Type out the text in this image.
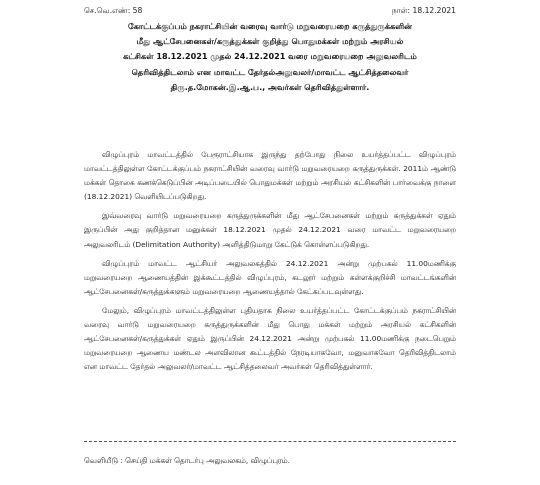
செ.வெ.எண்: 58	நாள்: 18.12.2021
கோட்டக்குப்பம் நகராட்சியின் வரைவு வார்டு மறுவரையறை கருத்துருக்களின்
மீது ஆட்சேபனைகள்/கருத்துக்கள் குறித்து பொதுமக்கள் மற்றும் அரசியல்
கட்சிகள் 18.12.2021 முதல் 24.12.2021 வரை மறுவரையறை அலுவலரிடம்
தெரிவித்திடலாம் என மாவட்ட தேர்தல்அலுவலர்/மாவட்ட ஆட்சித்தலைவர்
திரு.த.மோகன்.இ.ஆ.ப., அவர்கள் தெரிவித்துள்ளார்.

விழுப்புரம் மாவட்டத்தில் பேரூராட்சியாக இருந்து தற்போது நிலை உயர்த்தப்பட்ட விழுப்புரம் மாவட்டத்திலுள்ள கோட்டக்குப்பம் நகராட்சியின் வரைவு வார்டு மறுவரையறை கருத்துருக்கள். 2011ம் ஆண்டு மக்கள் தொகை கணக்கெடுப்பின் அடிப்படையில் பொதுமக்கள் மற்றும் அரசியல் கட்சிகளின் பார்வைக்கு நாளை (18.12.2021) வெளியிடப்படுகிறது.

இவ்வரைவு வார்டு மறுவரையறை கருத்துருக்களின் மீது ஆட்சேபனைகள் மற்றும் கருத்துக்கள் ஏதும் இருப்பின் அது குறித்தான மனுக்கள் 18.12.2021 முதல் 24.12.2021 வரை மாவட்ட மறுவரையறை அலுவலரிடம் (Delimitation Authority) அளித்திடுமாறு கேட்டுக் கொள்ளப்படுகிறது.

விழுப்புரம் மாவட்ட ஆட்சியர் அலுவலகத்தில் 24.12.2021 அன்று முற்பகல் 11.00மணிக்கு மறுவரையறை ஆணையத்தின் இக்கூட்டத்தில் விழுப்புரம், கடலூர் மற்றும் கள்ளக்குறிச்சி மாவட்டங்களின் ஆட்சேபனைகள்/கருத்துக்களும் மறுவரையறை ஆணையத்தால் கேட்கப்படவுள்ளது.

மேலும், விழுப்புரம் மாவட்டத்திலுள்ள புதியதாக நிலை உயர்த்தப்பட்ட கோட்டக்குப்பம் நகராட்சியின் வரைவு வார்டு மறுவரையறை கருத்துருக்களின் மீது பொது மக்கள் மற்றும் அரசியல் கட்சிகளின் ஆட்சேபனைகள்/கருத்துக்கள் ஏதும் இருப்பின் 24.12.2021 அன்று முற்பகல் 11.00மணிக்கு நடைபெறும் மறுவரையறை ஆணைய மண்டல அளவிலான கூட்டத்தில் நேரடியாகவோ, மனுவாகவோ தெரிவித்திடலாம் என மாவட்ட தேர்தல் அலுவலர்/மாவட்ட ஆட்சித்தலைவர் அவர்கள் தெரிவித்துள்ளார்.

வெளியீடு : செய்தி மக்கள் தொடர்பு அலுவலகம், விழுப்புரம்.
